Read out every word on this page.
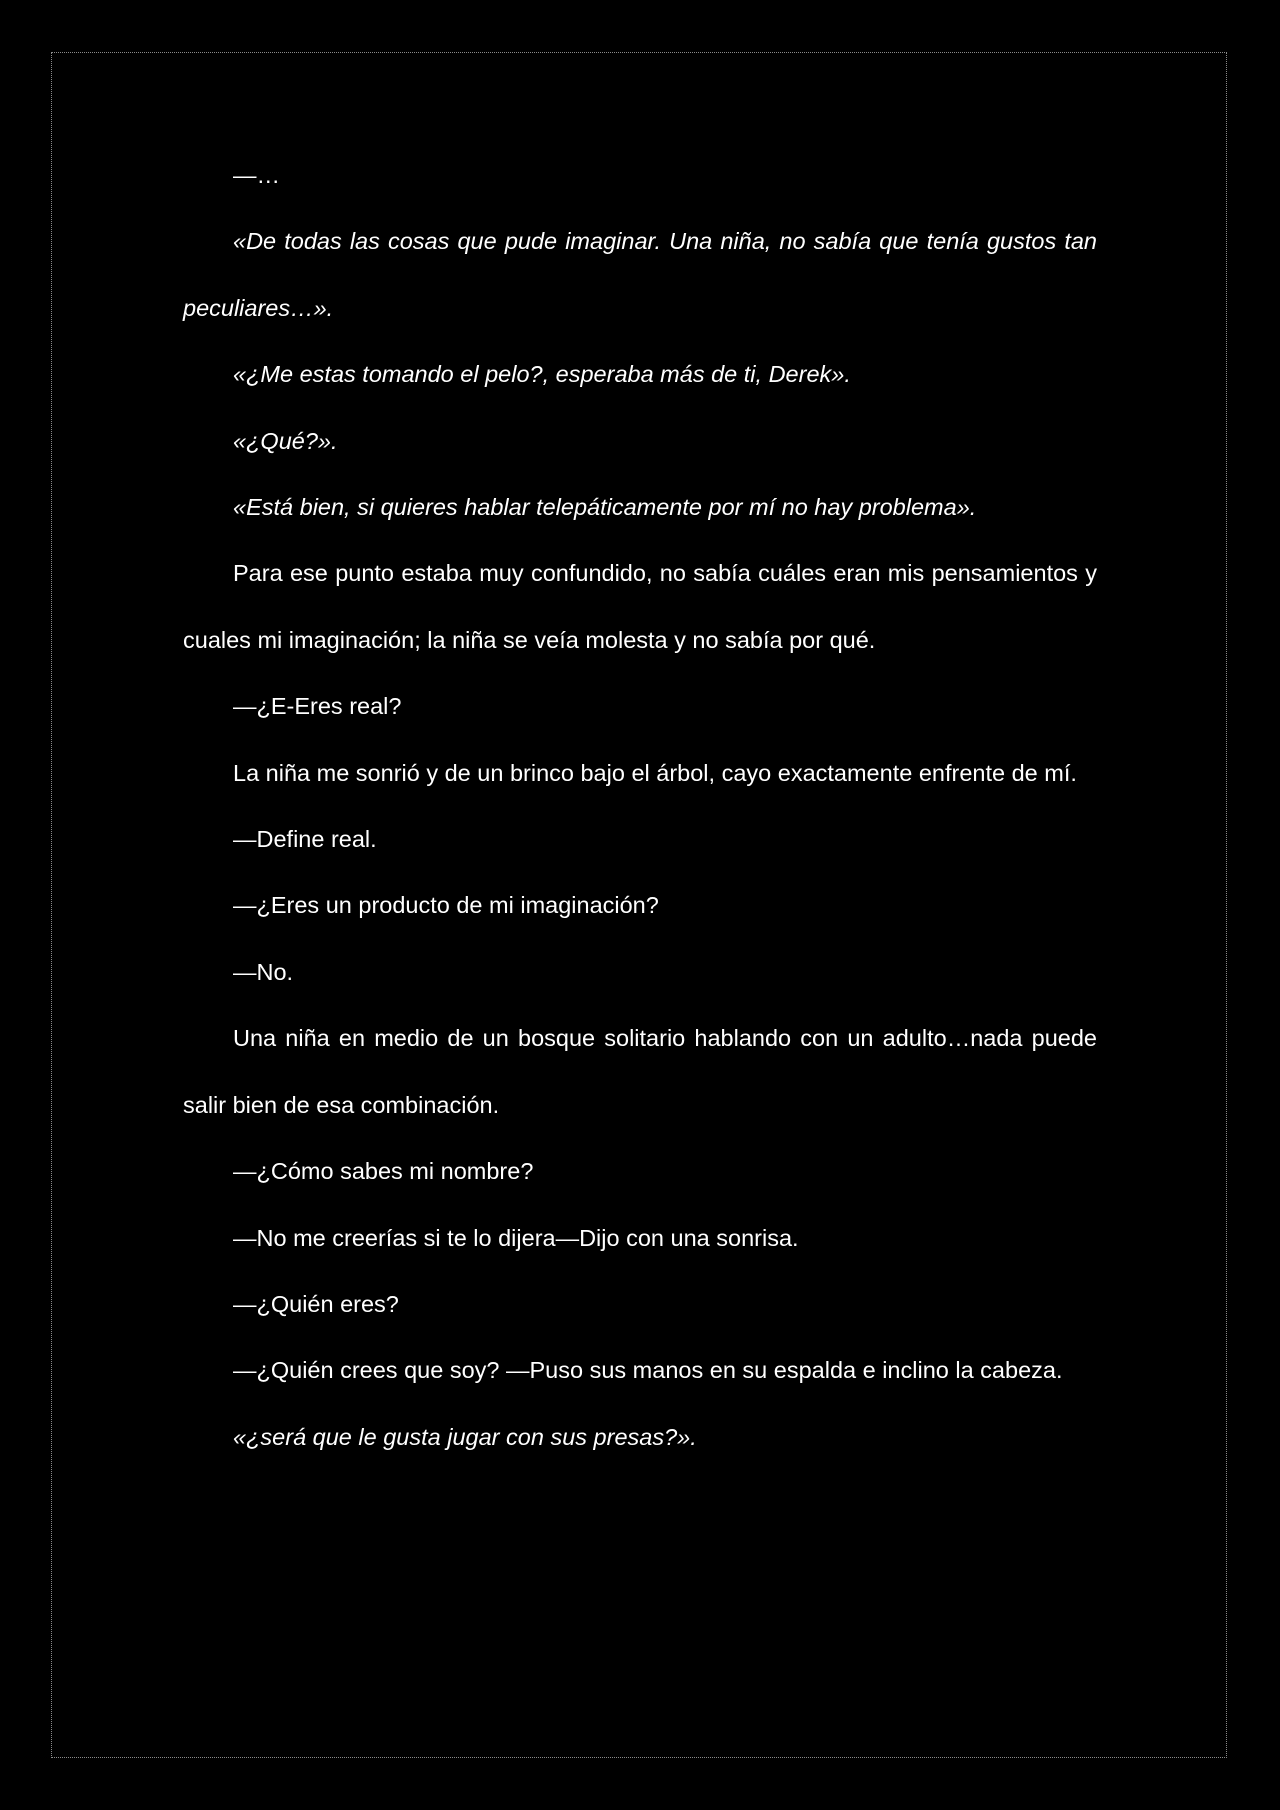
—…

«De todas las cosas que pude imaginar. Una niña, no sabía que tenía gustos tan peculiares…».

«¿Me estas tomando el pelo?, esperaba más de ti, Derek».

«¿Qué?».

«Está bien, si quieres hablar telepáticamente por mí no hay problema».

Para ese punto estaba muy confundido, no sabía cuáles eran mis pensamientos y cuales mi imaginación; la niña se veía molesta y no sabía por qué.

—¿E-Eres real?

La niña me sonrió y de un brinco bajo el árbol, cayo exactamente enfrente de mí.

—Define real.

—¿Eres un producto de mi imaginación?

—No.

Una niña en medio de un bosque solitario hablando con un adulto…nada puede salir bien de esa combinación.

—¿Cómo sabes mi nombre?

—No me creerías si te lo dijera—Dijo con una sonrisa.

—¿Quién eres?

—¿Quién crees que soy? —Puso sus manos en su espalda e inclino la cabeza.

«¿será que le gusta jugar con sus presas?».
